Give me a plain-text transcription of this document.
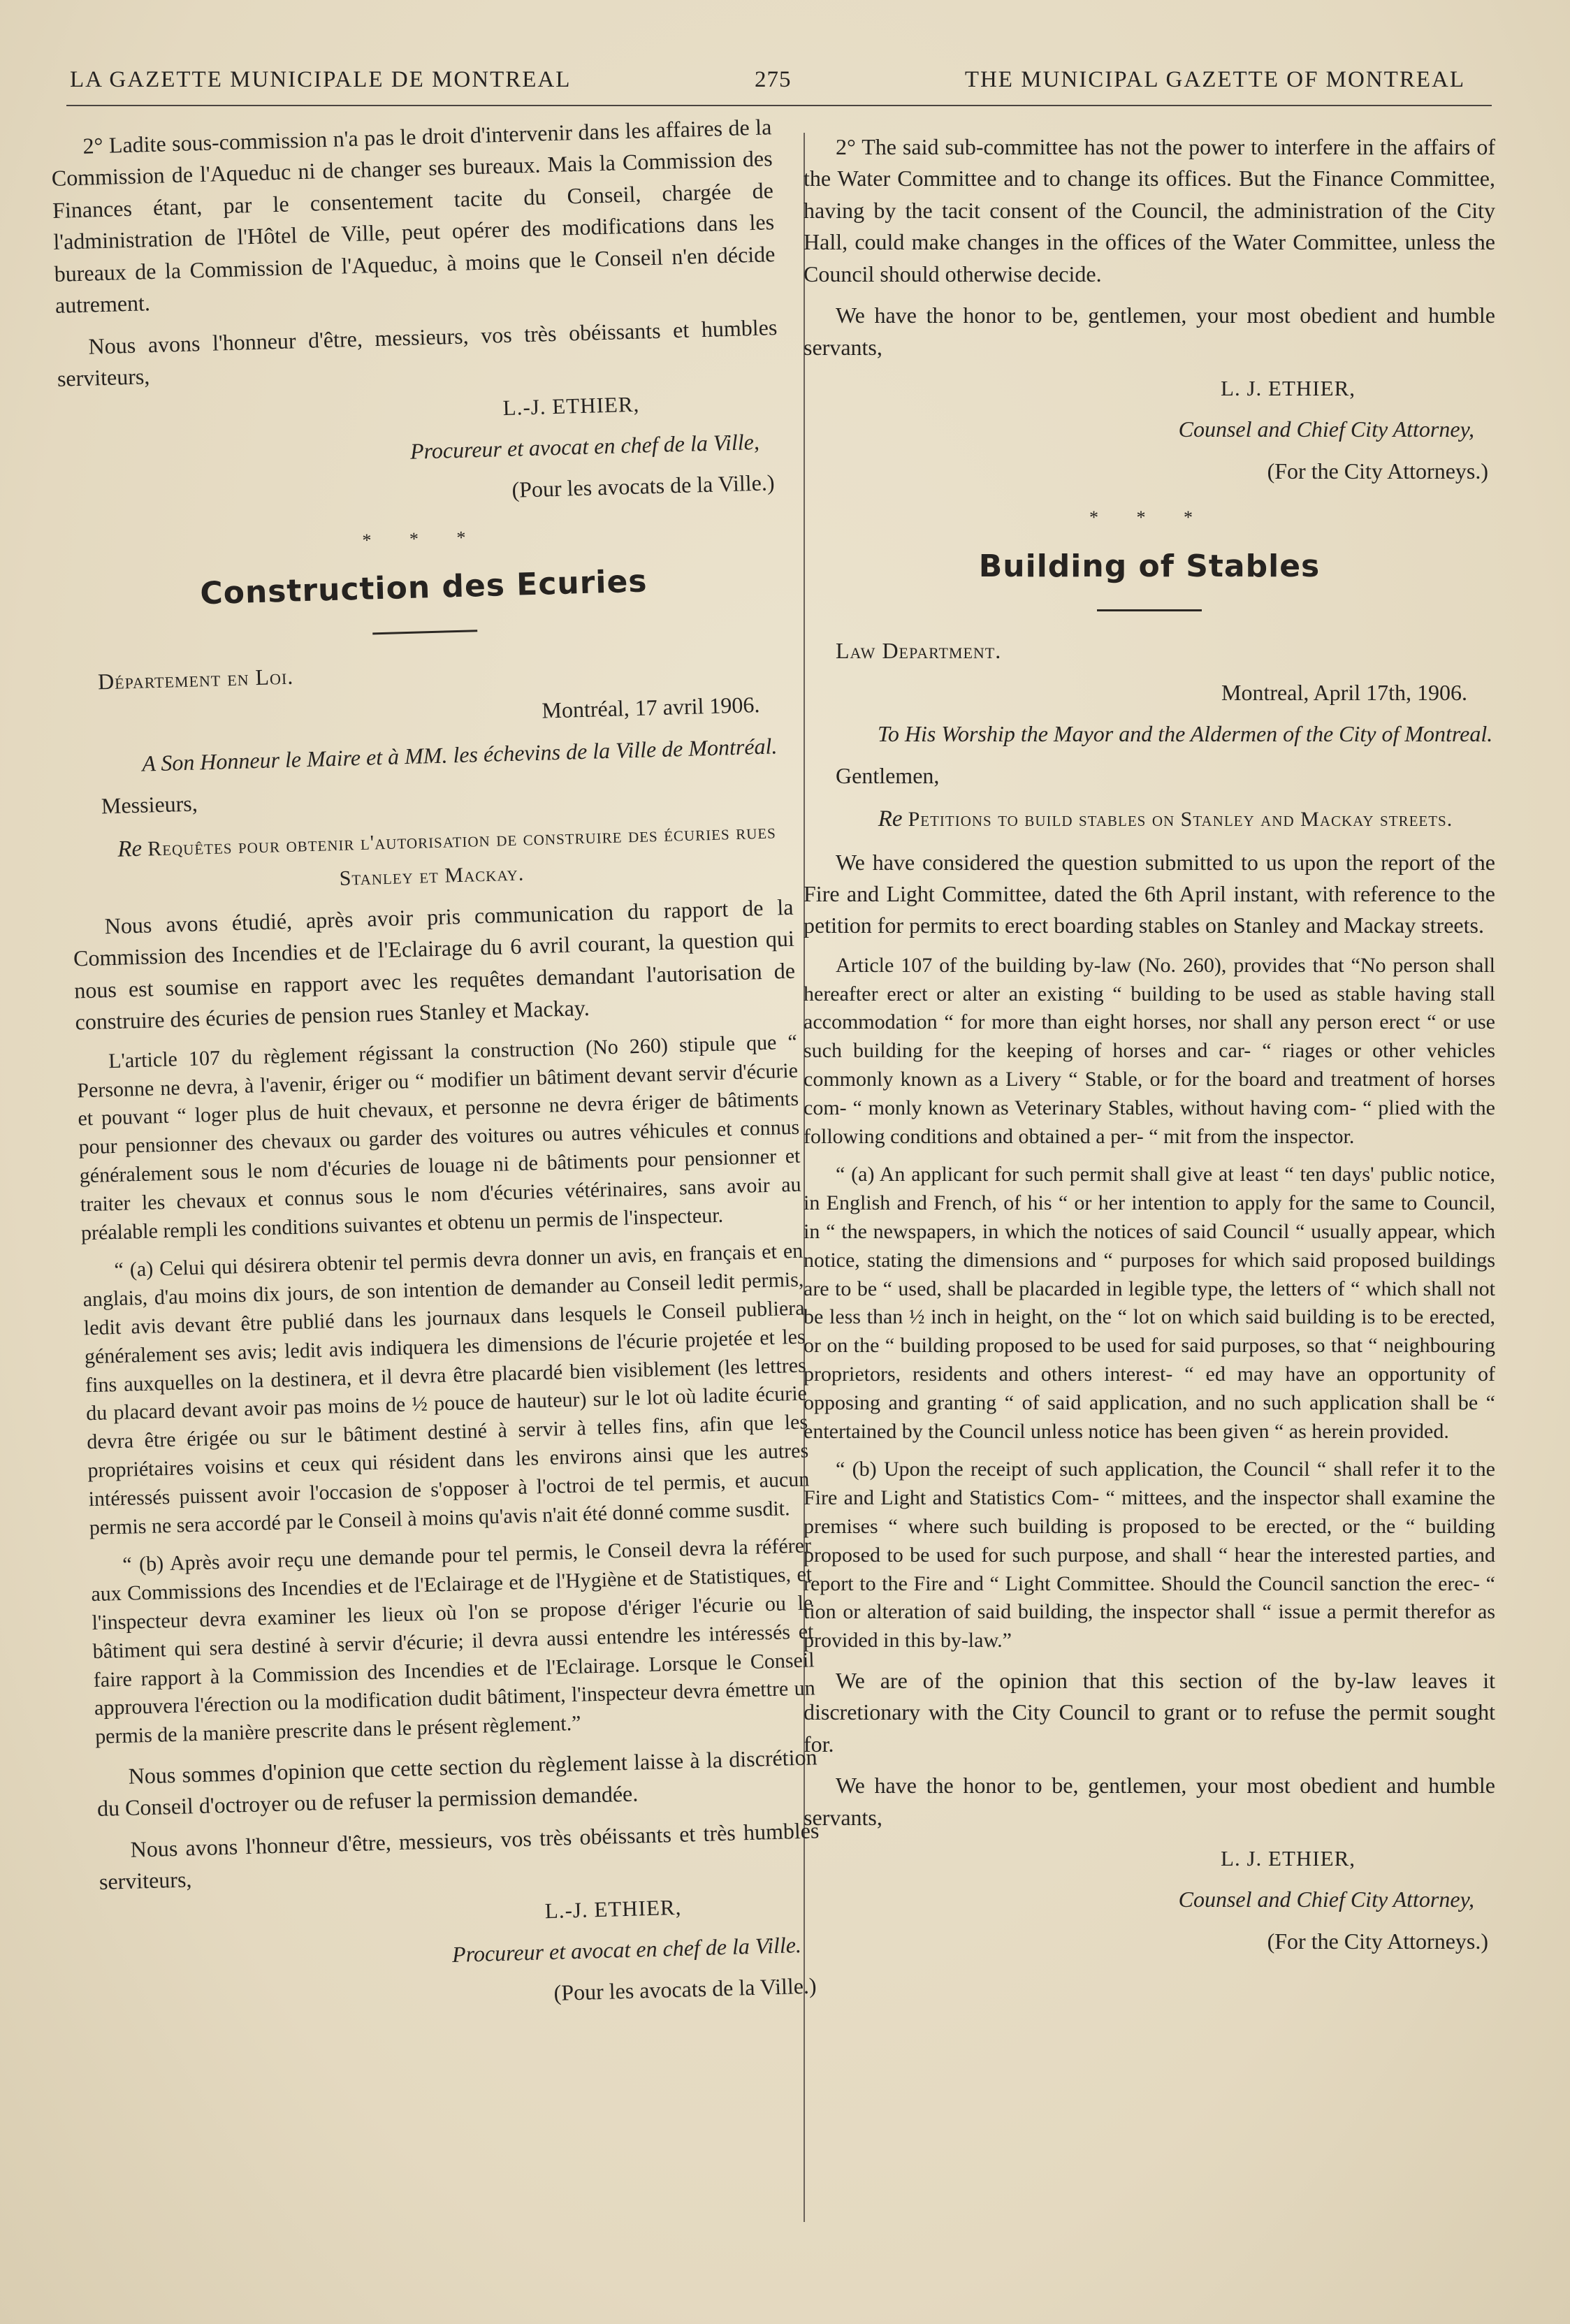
LA GAZETTE MUNICIPALE DE MONTREAL	275	THE MUNICIPAL GAZETTE OF MONTREAL

2° Ladite sous-commission n'a pas le droit d'intervenir dans les affaires de la Commission de l'Aqueduc ni de changer ses bureaux. Mais la Commission des Finances étant, par le consentement tacite du Conseil, chargée de l'administration de l'Hôtel de Ville, peut opérer des modifications dans les bureaux de la Commission de l'Aqueduc, à moins que le Conseil n'en décide autrement.

Nous avons l'honneur d'être, messieurs, vos très obéissants et humbles serviteurs,

L.-J. ETHIER,

Procureur et avocat en chef de la Ville,

(Pour les avocats de la Ville.)

* * *
Construction des Ecuries

Département en Loi.

Montréal, 17 avril 1906.

A Son Honneur le Maire et à MM. les échevins de la Ville de Montréal.

Messieurs,

Re Requêtes pour obtenir l'autorisation de construire des écuries rues Stanley et Mackay.

Nous avons étudié, après avoir pris communication du rapport de la Commission des Incendies et de l'Eclairage du 6 avril courant, la question qui nous est soumise en rapport avec les requêtes demandant l'autorisation de construire des écuries de pension rues Stanley et Mackay.

L'article 107 du règlement régissant la construction (No 260) stipule que “ Personne ne devra, à l'avenir, ériger ou “ modifier un bâtiment devant servir d'écurie et pouvant “ loger plus de huit chevaux, et personne ne devra ériger de bâtiments pour pensionner des chevaux ou garder des voitures ou autres véhicules et connus généralement sous le nom d'écuries de louage ni de bâtiments pour pensionner et traiter les chevaux et connus sous le nom d'écuries vétérinaires, sans avoir au préalable rempli les conditions suivantes et obtenu un permis de l'inspecteur.

“ (a) Celui qui désirera obtenir tel permis devra donner un avis, en français et en anglais, d'au moins dix jours, de son intention de demander au Conseil ledit permis, ledit avis devant être publié dans les journaux dans lesquels le Conseil publiera généralement ses avis; ledit avis indiquera les dimensions de l'écurie projetée et les fins auxquelles on la destinera, et il devra être placardé bien visiblement (les lettres du placard devant avoir pas moins de ½ pouce de hauteur) sur le lot où ladite écurie devra être érigée ou sur le bâtiment destiné à servir à telles fins, afin que les propriétaires voisins et ceux qui résident dans les environs ainsi que les autres intéressés puissent avoir l'occasion de s'opposer à l'octroi de tel permis, et aucun permis ne sera accordé par le Conseil à moins qu'avis n'ait été donné comme susdit.

“ (b) Après avoir reçu une demande pour tel permis, le Conseil devra la référer aux Commissions des Incendies et de l'Eclairage et de l'Hygiène et de Statistiques, et l'inspecteur devra examiner les lieux où l'on se propose d'ériger l'écurie ou le bâtiment qui sera destiné à servir d'écurie; il devra aussi entendre les intéressés et faire rapport à la Commission des Incendies et de l'Eclairage. Lorsque le Conseil approuvera l'érection ou la modification dudit bâtiment, l'inspecteur devra émettre un permis de la manière prescrite dans le présent règlement.”

Nous sommes d'opinion que cette section du règlement laisse à la discrétion du Conseil d'octroyer ou de refuser la permission demandée.

Nous avons l'honneur d'être, messieurs, vos très obéissants et très humbles serviteurs,

L.-J. ETHIER,

Procureur et avocat en chef de la Ville.

(Pour les avocats de la Ville.)

2° The said sub-committee has not the power to interfere in the affairs of the Water Committee and to change its offices. But the Finance Committee, having by the tacit consent of the Council, the administration of the City Hall, could make changes in the offices of the Water Committee, unless the Council should otherwise decide.

We have the honor to be, gentlemen, your most obedient and humble servants,

L. J. ETHIER,

Counsel and Chief City Attorney,

(For the City Attorneys.)

* * *
Building of Stables

Law Department.

Montreal, April 17th, 1906.

To His Worship the Mayor and the Aldermen of the City of Montreal.

Gentlemen,

Re Petitions to build stables on Stanley and Mackay streets.

We have considered the question submitted to us upon the report of the Fire and Light Committee, dated the 6th April instant, with reference to the petition for permits to erect boarding stables on Stanley and Mackay streets.

Article 107 of the building by-law (No. 260), provides that “No person shall hereafter erect or alter an existing “ building to be used as stable having stall accommodation “ for more than eight horses, nor shall any person erect “ or use such building for the keeping of horses and car- “ riages or other vehicles commonly known as a Livery “ Stable, or for the board and treatment of horses com- “ monly known as Veterinary Stables, without having com- “ plied with the following conditions and obtained a per- “ mit from the inspector.

“ (a) An applicant for such permit shall give at least “ ten days' public notice, in English and French, of his “ or her intention to apply for the same to Council, in “ the newspapers, in which the notices of said Council “ usually appear, which notice, stating the dimensions and “ purposes for which said proposed buildings are to be “ used, shall be placarded in legible type, the letters of “ which shall not be less than ½ inch in height, on the “ lot on which said building is to be erected, or on the “ building proposed to be used for said purposes, so that “ neighbouring proprietors, residents and others interest- “ ed may have an opportunity of opposing and granting “ of said application, and no such application shall be “ entertained by the Council unless notice has been given “ as herein provided.

“ (b) Upon the receipt of such application, the Council “ shall refer it to the Fire and Light and Statistics Com- “ mittees, and the inspector shall examine the premises “ where such building is proposed to be erected, or the “ building proposed to be used for such purpose, and shall “ hear the interested parties, and report to the Fire and “ Light Committee. Should the Council sanction the erec- “ tion or alteration of said building, the inspector shall “ issue a permit therefor as provided in this by-law.”

We are of the opinion that this section of the by-law leaves it discretionary with the City Council to grant or to refuse the permit sought for.

We have the honor to be, gentlemen, your most obedient and humble servants,

L. J. ETHIER,

Counsel and Chief City Attorney,

(For the City Attorneys.)
